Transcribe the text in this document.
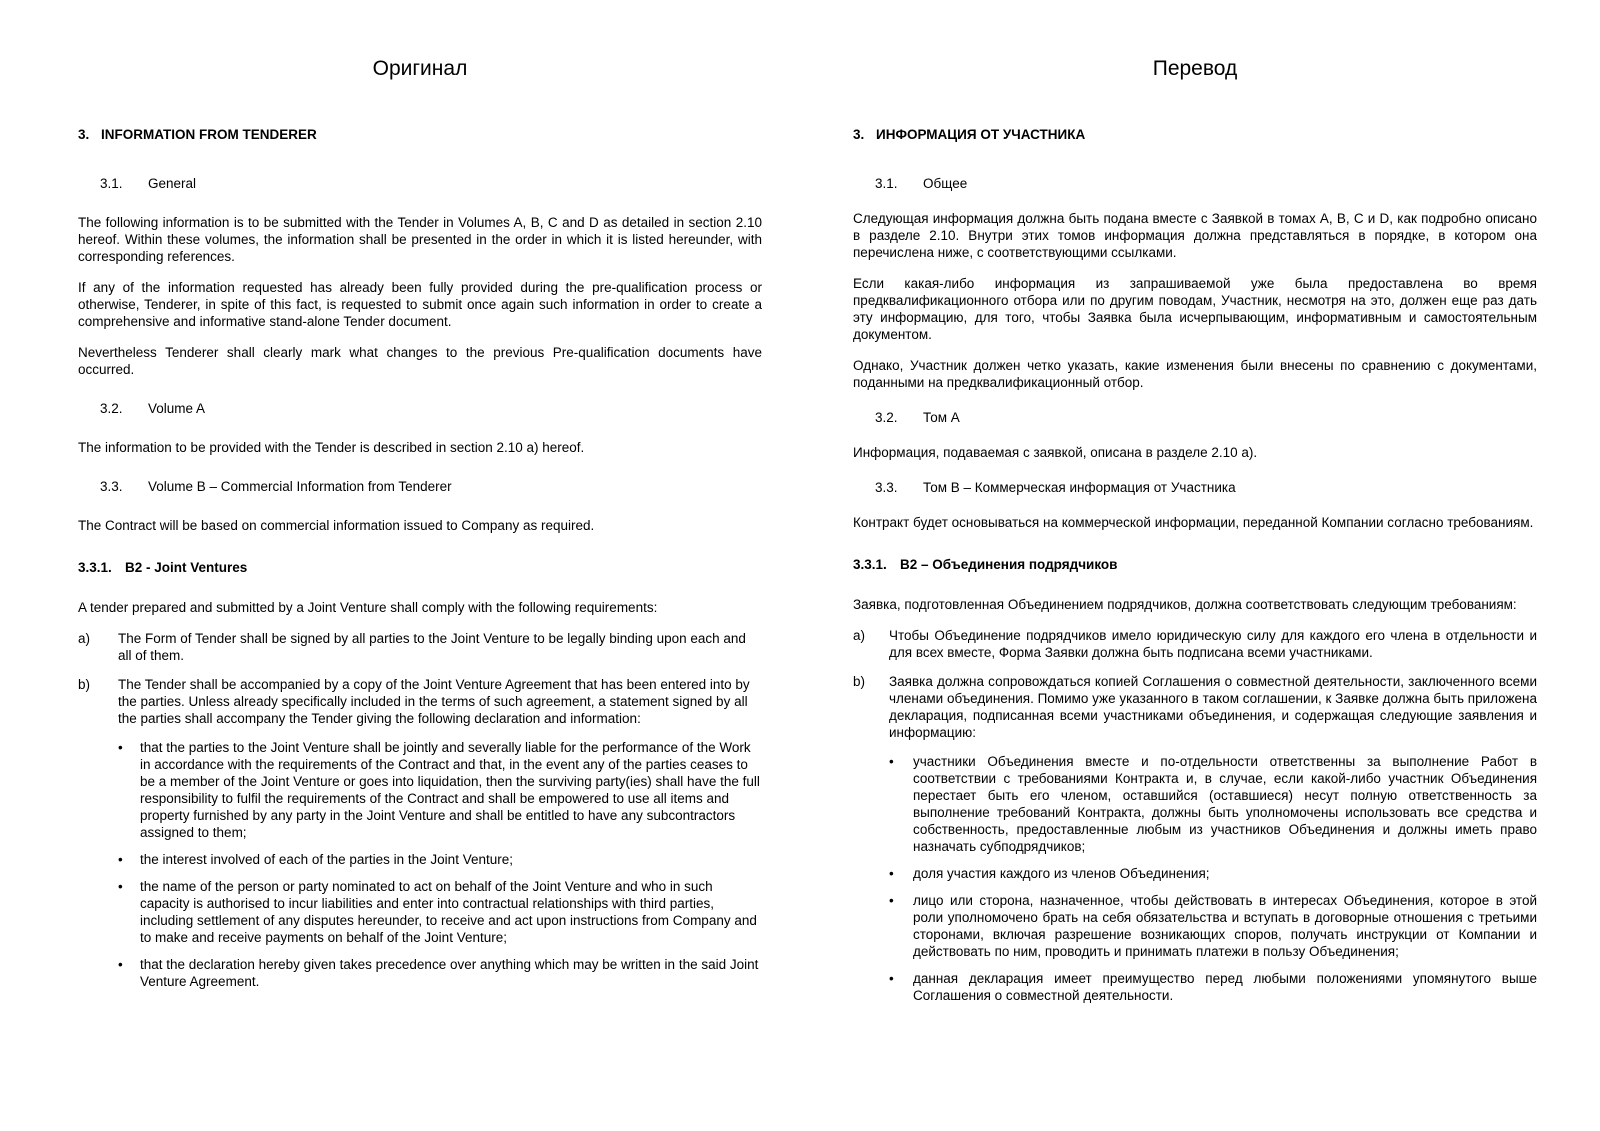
Оригинал
3. INFORMATION FROM TENDERER
3.1.	General
The following information is to be submitted with the Tender in Volumes A, B, C and D as detailed in section 2.10 hereof. Within these volumes, the information shall be presented in the order in which it is listed hereunder, with corresponding references.
If any of the information requested has already been fully provided during the pre-qualification process or otherwise, Tenderer, in spite of this fact, is requested to submit once again such information in order to create a comprehensive and informative stand-alone Tender document.
Nevertheless Tenderer shall clearly mark what changes to the previous Pre-qualification documents have occurred.
3.2.	Volume A
The information to be provided with the Tender is described in section 2.10 a) hereof.
3.3.	Volume B – Commercial Information from Tenderer
The Contract will be based on commercial information issued to Company as required.
3.3.1. B2 - Joint Ventures
A tender prepared and submitted by a Joint Venture shall comply with the following requirements:
a)	The Form of Tender shall be signed by all parties to the Joint Venture to be legally binding upon each and all of them.
b)	The Tender shall be accompanied by a copy of the Joint Venture Agreement that has been entered into by the parties. Unless already specifically included in the terms of such agreement, a statement signed by all the parties shall accompany the Tender giving the following declaration and information:
•	that the parties to the Joint Venture shall be jointly and severally liable for the performance of the Work in accordance with the requirements of the Contract and that, in the event any of the parties ceases to be a member of the Joint Venture or goes into liquidation, then the surviving party(ies) shall have the full responsibility to fulfil the requirements of the Contract and shall be empowered to use all items and property furnished by any party in the Joint Venture and shall be entitled to have any subcontractors assigned to them;
•	the interest involved of each of the parties in the Joint Venture;
•	the name of the person or party nominated to act on behalf of the Joint Venture and who in such capacity is authorised to incur liabilities and enter into contractual relationships with third parties, including settlement of any disputes hereunder, to receive and act upon instructions from Company and to make and receive payments on behalf of the Joint Venture;
•	that the declaration hereby given takes precedence over anything which may be written in the said Joint Venture Agreement.
Перевод
3. ИНФОРМАЦИЯ ОТ УЧАСТНИКА
3.1.	Общее
Следующая информация должна быть подана вместе с Заявкой в томах A, B, C и D, как подробно описано в разделе 2.10. Внутри этих томов информация должна представляться в порядке, в котором она перечислена ниже, с соответствующими ссылками.
Если какая-либо информация из запрашиваемой уже была предоставлена во время предквалификационного отбора или по другим поводам, Участник, несмотря на это, должен еще раз дать эту информацию, для того, чтобы Заявка была исчерпывающим, информативным и самостоятельным документом.
Однако, Участник должен четко указать, какие изменения были внесены по сравнению с документами, поданными на предквалификационный отбор.
3.2.	Том A
Информация, подаваемая с заявкой, описана в разделе 2.10 а).
3.3.	Том B – Коммерческая информация от Участника
Контракт будет основываться на коммерческой информации, переданной Компании согласно требованиям.
3.3.1. B2 – Объединения подрядчиков
Заявка, подготовленная Объединением подрядчиков, должна соответствовать следующим требованиям:
a)	Чтобы Объединение подрядчиков имело юридическую силу для каждого его члена в отдельности и для всех вместе, Форма Заявки должна быть подписана всеми участниками.
b)	Заявка должна сопровождаться копией Соглашения о совместной деятельности, заключенного всеми членами объединения. Помимо уже указанного в таком соглашении, к Заявке должна быть приложена декларация, подписанная всеми участниками объединения, и содержащая следующие заявления и информацию:
•	участники Объединения вместе и по-отдельности ответственны за выполнение Работ в соответствии с требованиями Контракта и, в случае, если какой-либо участник Объединения перестает быть его членом, оставшийся (оставшиеся) несут полную ответственность за выполнение требований Контракта, должны быть уполномочены использовать все средства и собственность, предоставленные любым из участников Объединения и должны иметь право назначать субподрядчиков;
•	доля участия каждого из членов Объединения;
•	лицо или сторона, назначенное, чтобы действовать в интересах Объединения, которое в этой роли уполномочено брать на себя обязательства и вступать в договорные отношения с третьими сторонами, включая разрешение возникающих споров, получать инструкции от Компании и действовать по ним, проводить и принимать платежи в пользу Объединения;
•	данная декларация имеет преимущество перед любыми положениями упомянутого выше Соглашения о совместной деятельности.
